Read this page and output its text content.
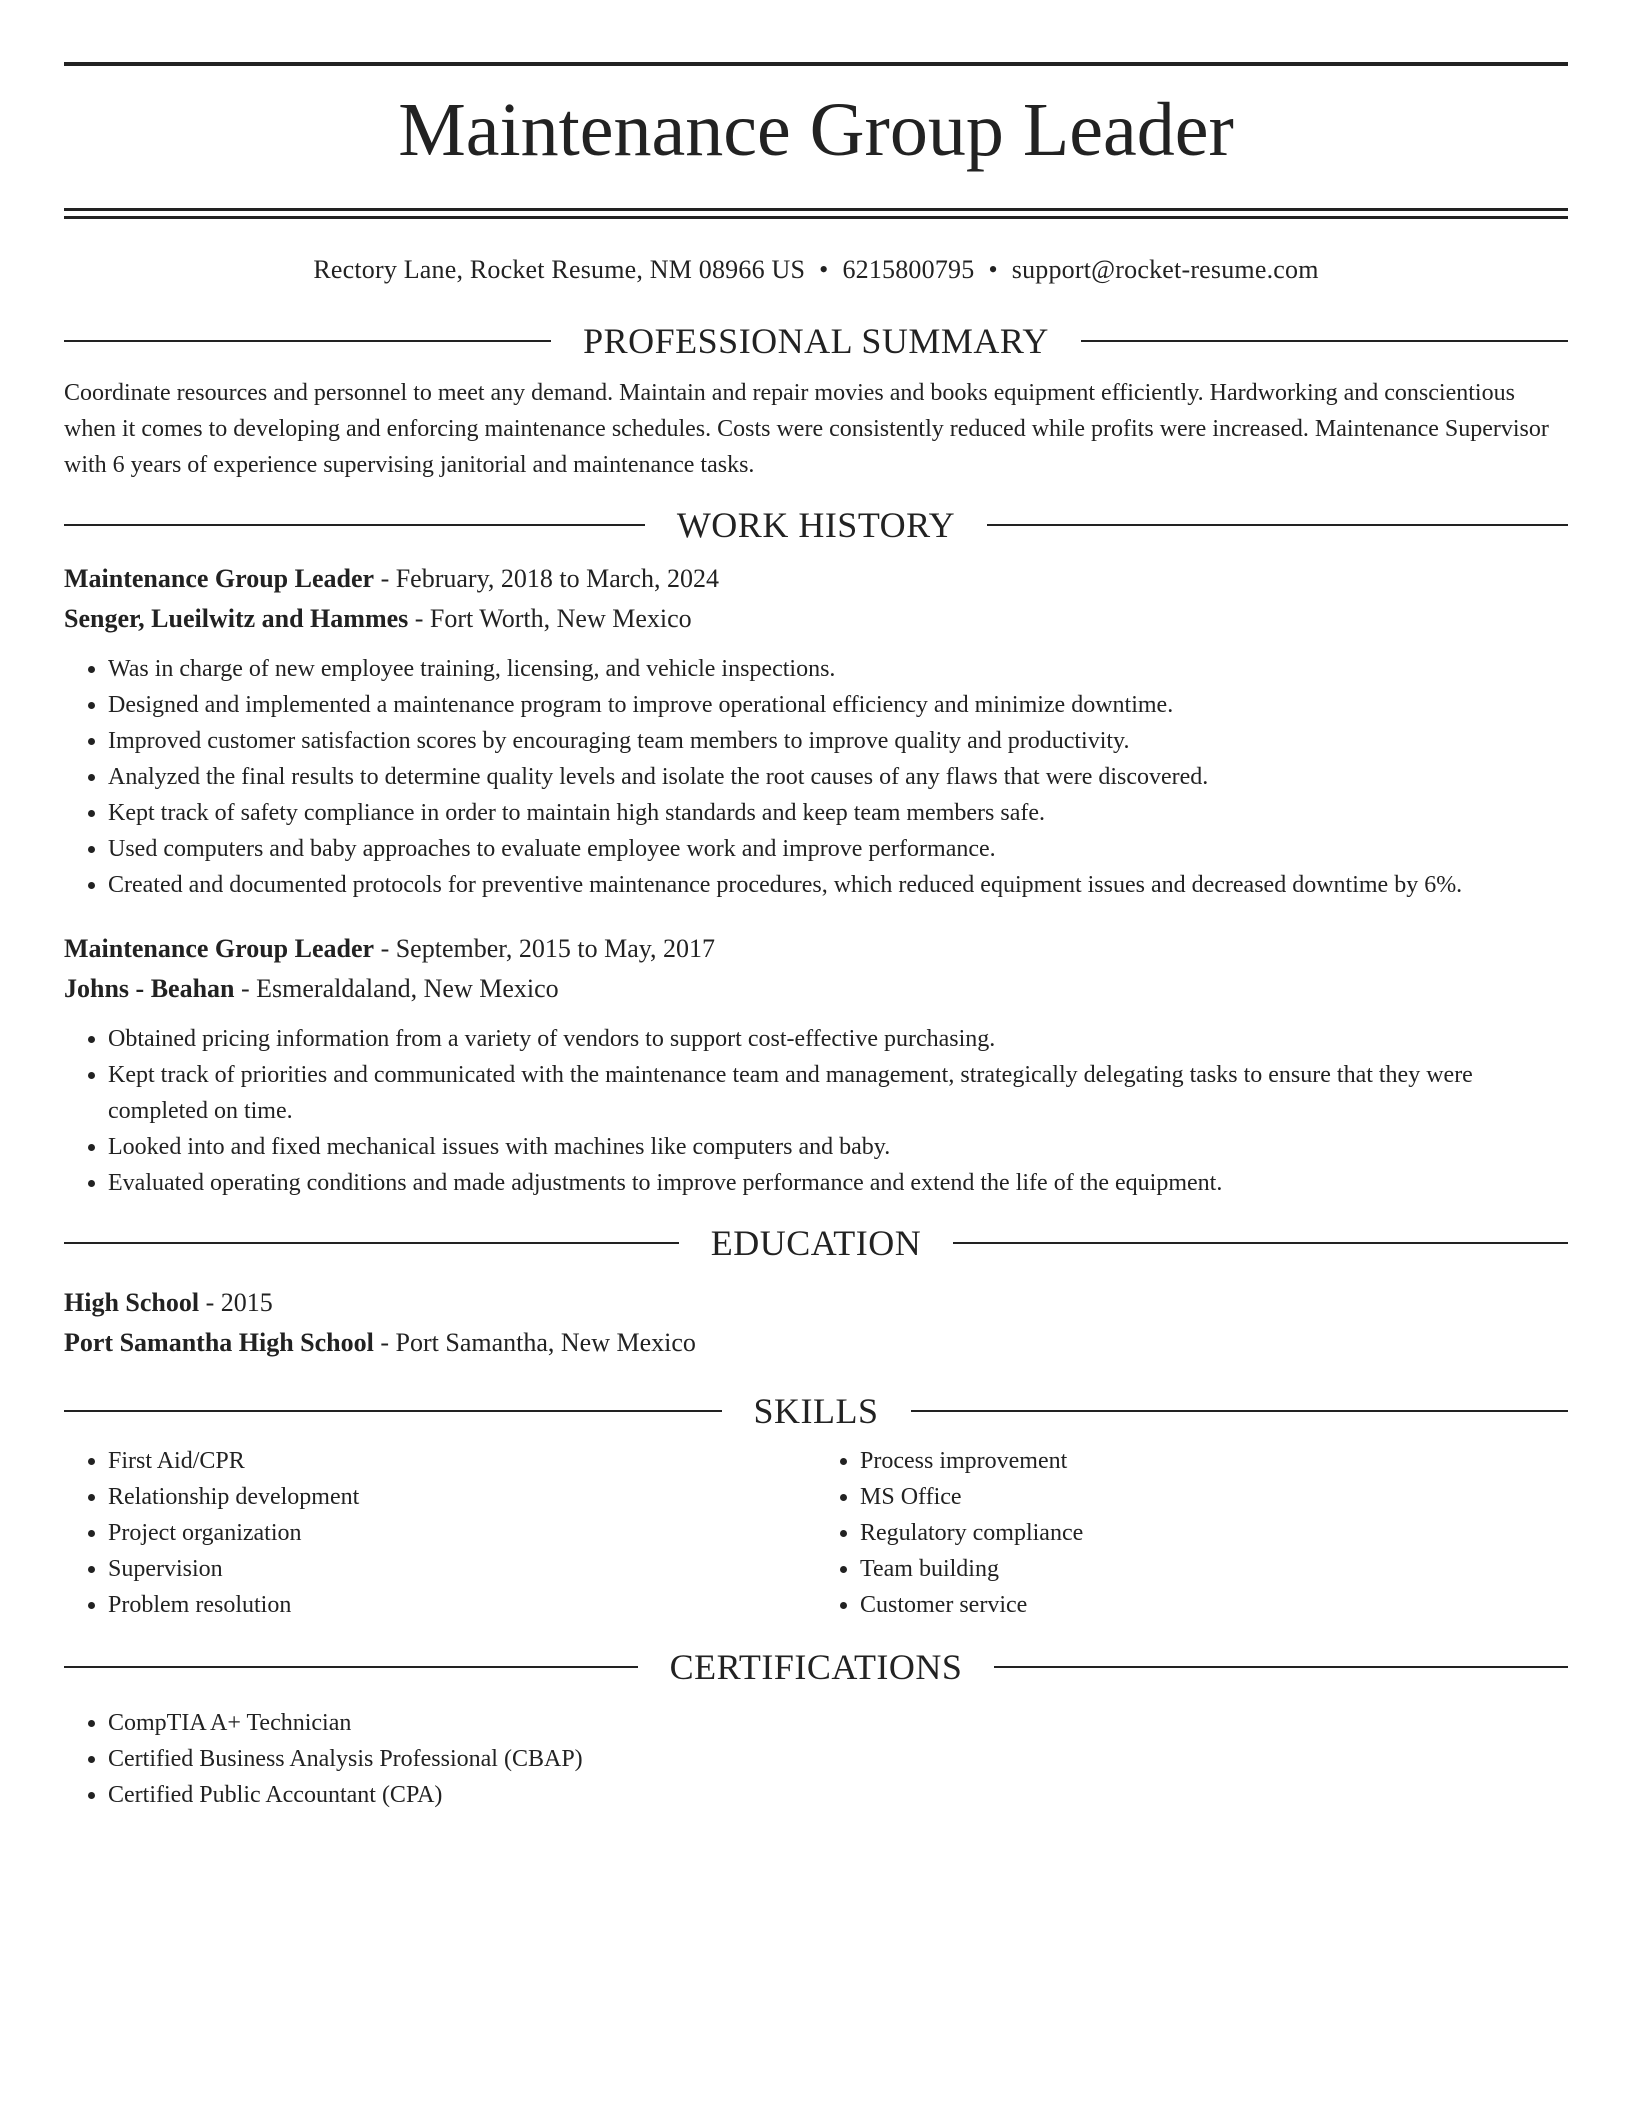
Maintenance Group Leader
Rectory Lane, Rocket Resume, NM 08966 US • 6215800795 • support@rocket-resume.com
PROFESSIONAL SUMMARY
Coordinate resources and personnel to meet any demand. Maintain and repair movies and books equipment efficiently. Hardworking and conscientious when it comes to developing and enforcing maintenance schedules. Costs were consistently reduced while profits were increased. Maintenance Supervisor with 6 years of experience supervising janitorial and maintenance tasks.
WORK HISTORY
Maintenance Group Leader - February, 2018 to March, 2024
Senger, Lueilwitz and Hammes - Fort Worth, New Mexico
• Was in charge of new employee training, licensing, and vehicle inspections.
• Designed and implemented a maintenance program to improve operational efficiency and minimize downtime.
• Improved customer satisfaction scores by encouraging team members to improve quality and productivity.
• Analyzed the final results to determine quality levels and isolate the root causes of any flaws that were discovered.
• Kept track of safety compliance in order to maintain high standards and keep team members safe.
• Used computers and baby approaches to evaluate employee work and improve performance.
• Created and documented protocols for preventive maintenance procedures, which reduced equipment issues and decreased downtime by 6%.
Maintenance Group Leader - September, 2015 to May, 2017
Johns - Beahan - Esmeraldaland, New Mexico
• Obtained pricing information from a variety of vendors to support cost-effective purchasing.
• Kept track of priorities and communicated with the maintenance team and management, strategically delegating tasks to ensure that they were completed on time.
• Looked into and fixed mechanical issues with machines like computers and baby.
• Evaluated operating conditions and made adjustments to improve performance and extend the life of the equipment.
EDUCATION
High School - 2015
Port Samantha High School - Port Samantha, New Mexico
SKILLS
• First Aid/CPR
• Relationship development
• Project organization
• Supervision
• Problem resolution
• Process improvement
• MS Office
• Regulatory compliance
• Team building
• Customer service
CERTIFICATIONS
• CompTIA A+ Technician
• Certified Business Analysis Professional (CBAP)
• Certified Public Accountant (CPA)
